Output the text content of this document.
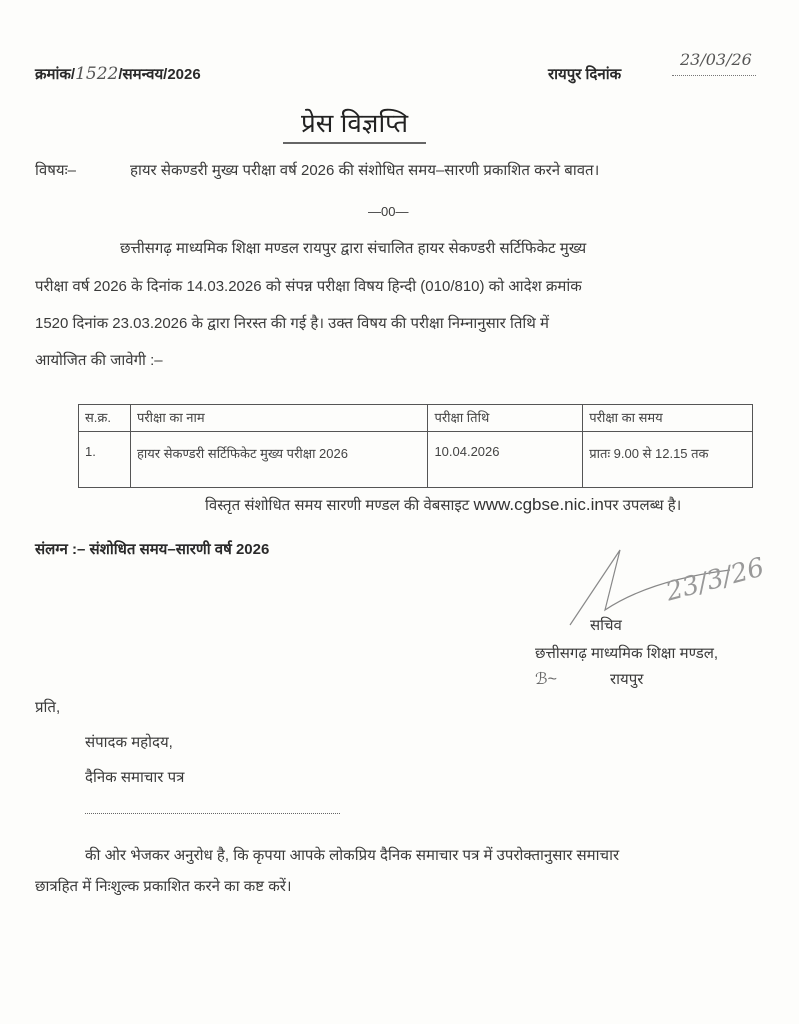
क्रमांक/1522/समन्वय/2026	रायपुर दिनांक
23/03/26
प्रेस विज्ञप्ति
विषयः–	हायर सेकण्डरी मुख्य परीक्षा वर्ष 2026 की संशोधित समय–सारणी प्रकाशित करने बावत।
—00—
छत्तीसगढ़ माध्यमिक शिक्षा मण्डल रायपुर द्वारा संचालित हायर सेकण्डरी सर्टिफिकेट मुख्य
परीक्षा वर्ष 2026 के दिनांक 14.03.2026 को संपन्न परीक्षा विषय हिन्दी (010/810) को आदेश क्रमांक
1520 दिनांक 23.03.2026 के द्वारा निरस्त की गई है। उक्त विषय की परीक्षा निम्नानुसार तिथि में
आयोजित की जावेगी :–
स.क्र.	परीक्षा का नाम	परीक्षा तिथि	परीक्षा का समय
1.	हायर सेकण्डरी सर्टिफिकेट मुख्य परीक्षा 2026	10.04.2026	प्रातः 9.00 से 12.15 तक
विस्तृत संशोधित समय सारणी मण्डल की वेबसाइट www.cgbse.nic.inपर उपलब्ध है।
संलग्न :– संशोधित समय–सारणी वर्ष 2026
23/3/26
सचिव
छत्तीसगढ़ माध्यमिक शिक्षा मण्डल,
ℬ~	रायपुर
प्रति,
संपादक महोदय,
दैनिक समाचार पत्र
की ओर भेजकर अनुरोध है, कि कृपया आपके लोकप्रिय दैनिक समाचार पत्र में उपरोक्तानुसार समाचार
छात्रहित में निःशुल्क प्रकाशित करने का कष्ट करें।
